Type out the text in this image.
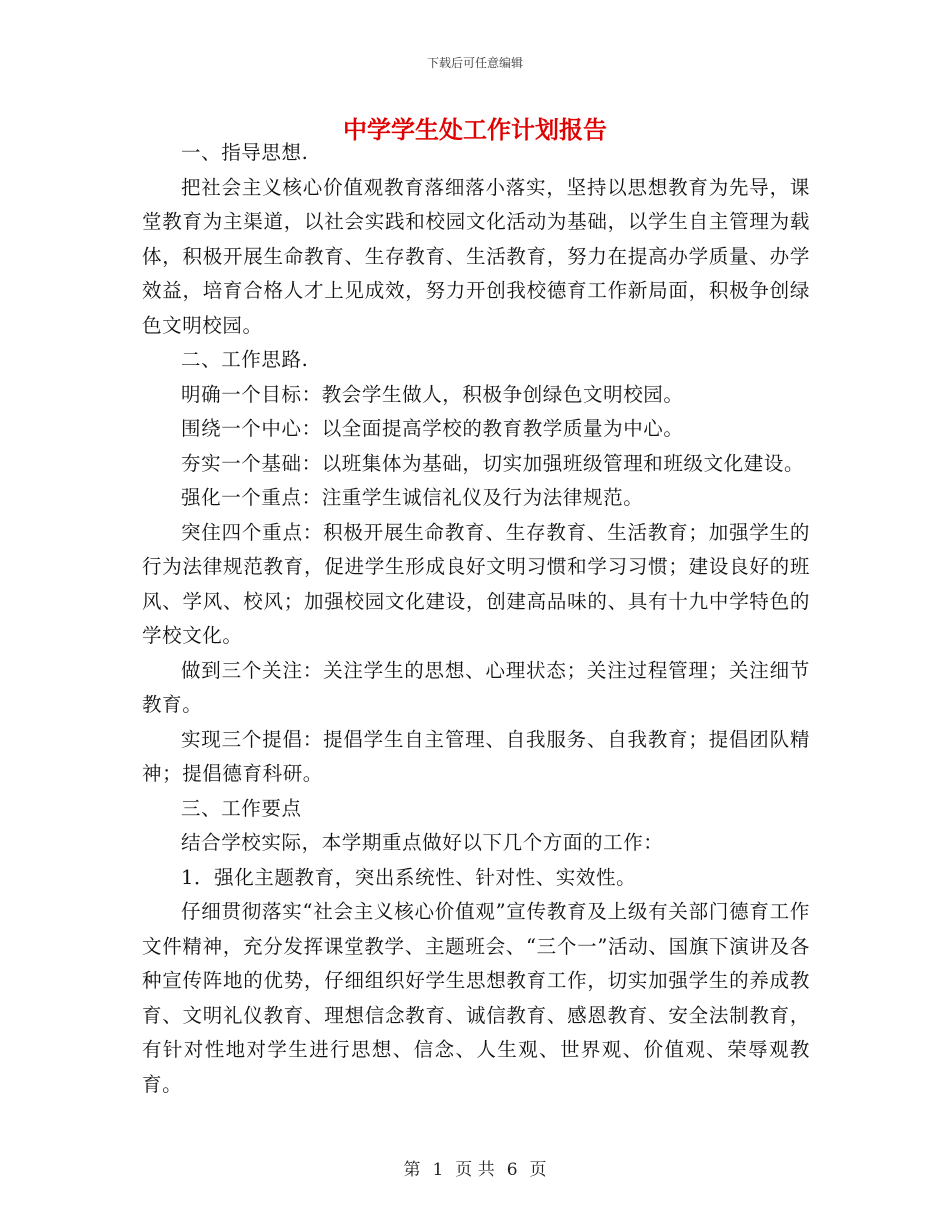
下载后可任意编辑
中学学生处工作计划报告

一、指导思想.

把社会主义核心价值观教育落细落小落实，坚持以思想教育为先导，课堂教育为主渠道，以社会实践和校园文化活动为基础，以学生自主管理为载体，积极开展生命教育、生存教育、生活教育，努力在提高办学质量、办学效益，培育合格人才上见成效，努力开创我校德育工作新局面，积极争创绿色文明校园。

二、工作思路.

明确一个目标：教会学生做人，积极争创绿色文明校园。

围绕一个中心：以全面提高学校的教育教学质量为中心。

夯实一个基础：以班集体为基础，切实加强班级管理和班级文化建设。

强化一个重点：注重学生诚信礼仪及行为法律规范。

突住四个重点：积极开展生命教育、生存教育、生活教育；加强学生的行为法律规范教育，促进学生形成良好文明习惯和学习习惯；建设良好的班风、学风、校风；加强校园文化建设，创建高品味的、具有十九中学特色的学校文化。

做到三个关注：关注学生的思想、心理状态；关注过程管理；关注细节教育。

实现三个提倡：提倡学生自主管理、自我服务、自我教育；提倡团队精神；提倡德育科研。

三、工作要点

结合学校实际，本学期重点做好以下几个方面的工作：

1．强化主题教育，突出系统性、针对性、实效性。

仔细贯彻落实“社会主义核心价值观”宣传教育及上级有关部门德育工作文件精神，充分发挥课堂教学、主题班会、“三个一”活动、国旗下演讲及各种宣传阵地的优势，仔细组织好学生思想教育工作，切实加强学生的养成教育、文明礼仪教育、理想信念教育、诚信教育、感恩教育、安全法制教育，有针对性地对学生进行思想、信念、人生观、世界观、价值观、荣辱观教育。

第 1 页 共 6 页
